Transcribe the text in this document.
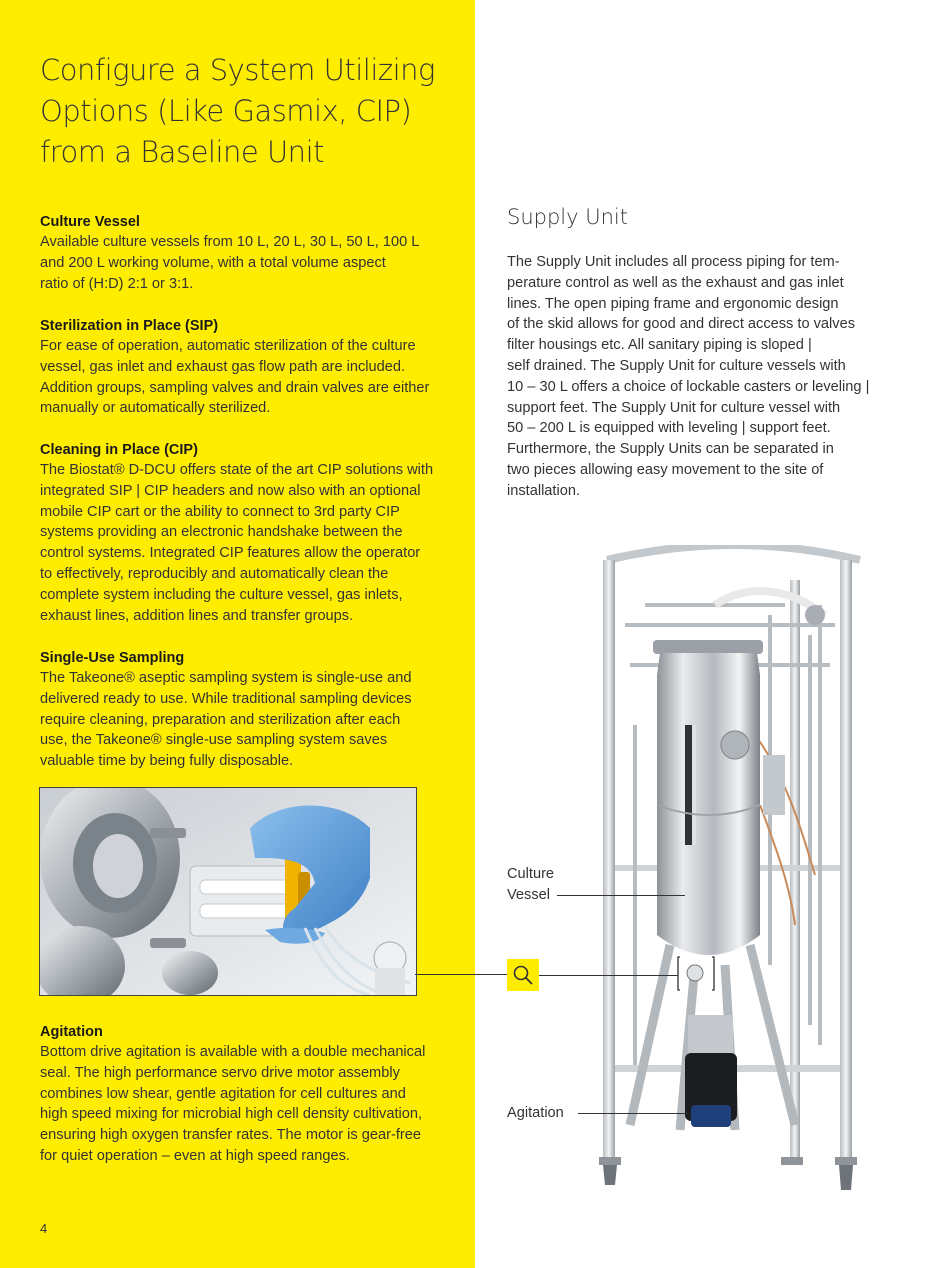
Configure a System Utilizing
Options (Like Gasmix, CIP)
from a Baseline Unit
Culture Vessel

Available culture vessels from 10 L, 20 L, 30 L, 50 L, 100 L
and 200 L working volume, with a total volume aspect
ratio of (H:D) 2:1 or 3:1.

Sterilization in Place (SIP)

For ease of operation, automatic sterilization of the culture
vessel, gas inlet and exhaust gas flow path are included.
Addition groups, sampling valves and drain valves are either
manually or automatically sterilized.

Cleaning in Place (CIP)

The Biostat® D-DCU offers state of the art CIP solutions with
integrated SIP | CIP headers and now also with an optional
mobile CIP cart or the ability to connect to 3rd party CIP
systems providing an electronic handshake between the
control systems. Integrated CIP features allow the operator
to effectively, reproducibly and automatically clean the
complete system including the culture vessel, gas inlets,
exhaust lines, addition lines and transfer groups.

Single-Use Sampling

The Takeone® aseptic sampling system is single-use and
delivered ready to use. While traditional sampling devices
require cleaning, preparation and sterilization after each
use, the Takeone® single-use sampling system saves
valuable time by being fully disposable.

Agitation

Bottom drive agitation is available with a double mechanical
seal. The high performance servo drive motor assembly
combines low shear, gentle agitation for cell cultures and
high speed mixing for microbial high cell density cultivation,
ensuring high oxygen transfer rates. The motor is gear-free
for quiet operation – even at high speed ranges.

4
Supply Unit

The Supply Unit includes all process piping for tem-
perature control as well as the exhaust and gas inlet
lines. The open piping frame and ergonomic design
of the skid allows for good and direct access to valves
filter housings etc. All sanitary piping is sloped |
self drained. The Supply Unit for culture vessels with
10 – 30 L offers a choice of lockable casters or leveling |
support feet. The Supply Unit for culture vessel with
50 – 200 L is equipped with leveling | support feet.
Furthermore, the Supply Units can be separated in
two pieces allowing easy movement to the site of
installation.

Culture
Vessel
Agitation
